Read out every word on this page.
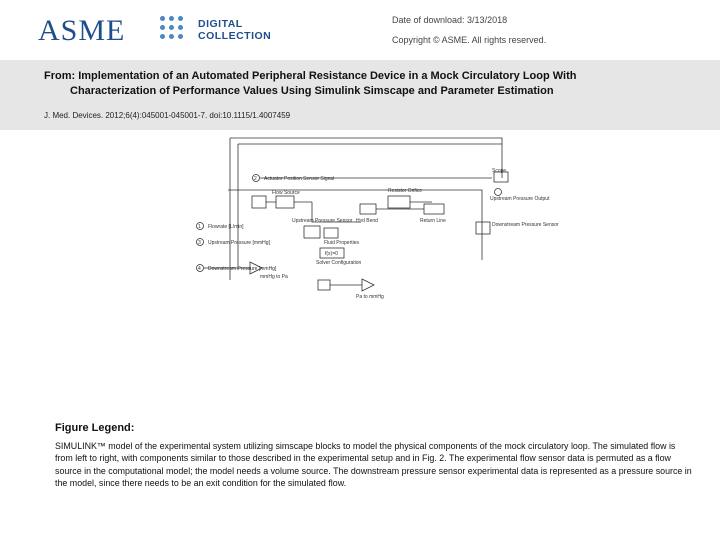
ASME	DIGITAL
COLLECTION
Date of download: 3/13/2018
Copyright © ASME. All rights reserved.
From: Implementation of an Automated Peripheral Resistance Device in a Mock Circulatory Loop With
Characterization of Performance Values Using Simulink Simscape and Parameter Estimation
J. Med. Devices. 2012;6(4):045001-045001-7. doi:10.1115/1.4007459
2 Actuator Position Sensor Signal
Flow Source	Resistor Orifice
Hyd Bend	Return Line
Upstream Pressure Sensor
Fluid Properties
f(x)=0
Solver Configuration
Scope
Upstream Pressure Output
Downstream Pressure Sensor
1 Flowrate [L/min]
3 Upstream Pressure [mmHg]
4 Downstream Pressure [mmHg]
mmHg to Pa
Pa to mmHg
Figure Legend:
SIMULINK™ model of the experimental system utilizing simscape blocks to model the physical components of the mock circulatory loop. The simulated flow is from left to right, with components similar to those described in the experimental setup and in Fig. 2. The experimental flow sensor data is permuted as a flow source in the computational model; the model needs a volume source. The downstream pressure sensor experimental data is represented as a pressure source in the model, since there needs to be an exit condition for the simulated flow.
